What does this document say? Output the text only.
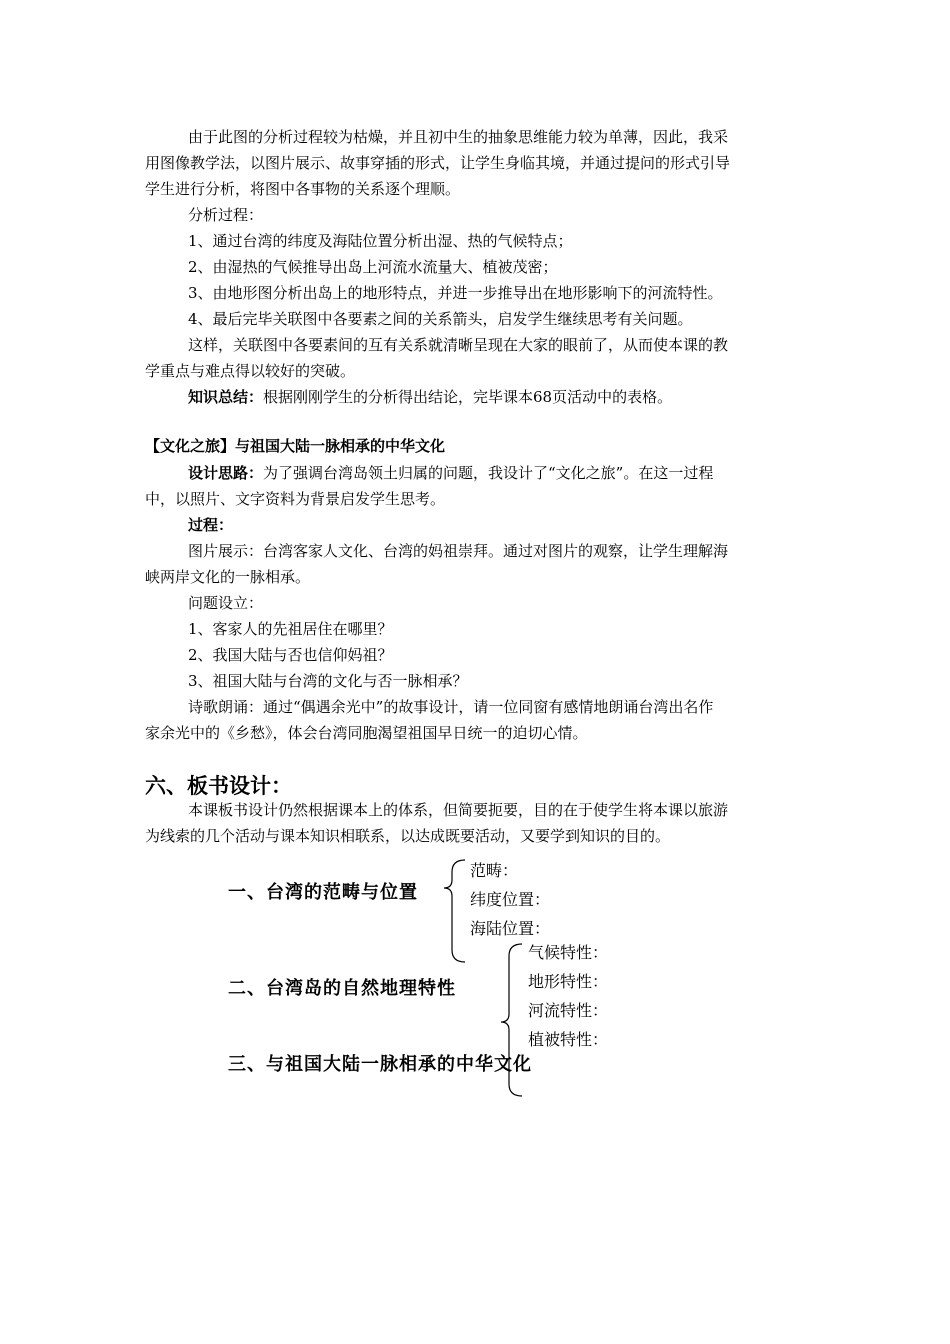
由于此图的分析过程较为枯燥，并且初中生的抽象思维能力较为单薄，因此，我采
用图像教学法，以图片展示、故事穿插的形式，让学生身临其境，并通过提问的形式引导
学生进行分析，将图中各事物的关系逐个理顺。
分析过程：
1、通过台湾的纬度及海陆位置分析出湿、热的气候特点；
2、由湿热的气候推导出岛上河流水流量大、植被茂密；
3、由地形图分析出岛上的地形特点，并进一步推导出在地形影响下的河流特性。
4、最后完毕关联图中各要素之间的关系箭头，启发学生继续思考有关问题。
这样，关联图中各要素间的互有关系就清晰呈现在大家的眼前了，从而使本课的教
学重点与难点得以较好的突破。
知识总结：根据刚刚学生的分析得出结论，完毕课本68页活动中的表格。
【文化之旅】与祖国大陆一脉相承的中华文化
设计思路：为了强调台湾岛领土归属的问题，我设计了“文化之旅”。在这一过程
中，以照片、文字资料为背景启发学生思考。
过程：
图片展示：台湾客家人文化、台湾的妈祖崇拜。通过对图片的观察，让学生理解海
峡两岸文化的一脉相承。
问题设立：
1、客家人的先祖居住在哪里？
2、我国大陆与否也信仰妈祖？
3、祖国大陆与台湾的文化与否一脉相承？
诗歌朗诵：通过“偶遇余光中”的故事设计，请一位同窗有感情地朗诵台湾出名作
家余光中的《乡愁》，体会台湾同胞渴望祖国早日统一的迫切心情。
六、板书设计：
本课板书设计仍然根据课本上的体系，但简要扼要，目的在于使学生将本课以旅游
为线索的几个活动与课本知识相联系，以达成既要活动，又要学到知识的目的。
一、台湾的范畴与位置
二、台湾岛的自然地理特性
三、与祖国大陆一脉相承的中华文化
范畴：
纬度位置：
海陆位置：
气候特性：
地形特性：
河流特性：
植被特性：
